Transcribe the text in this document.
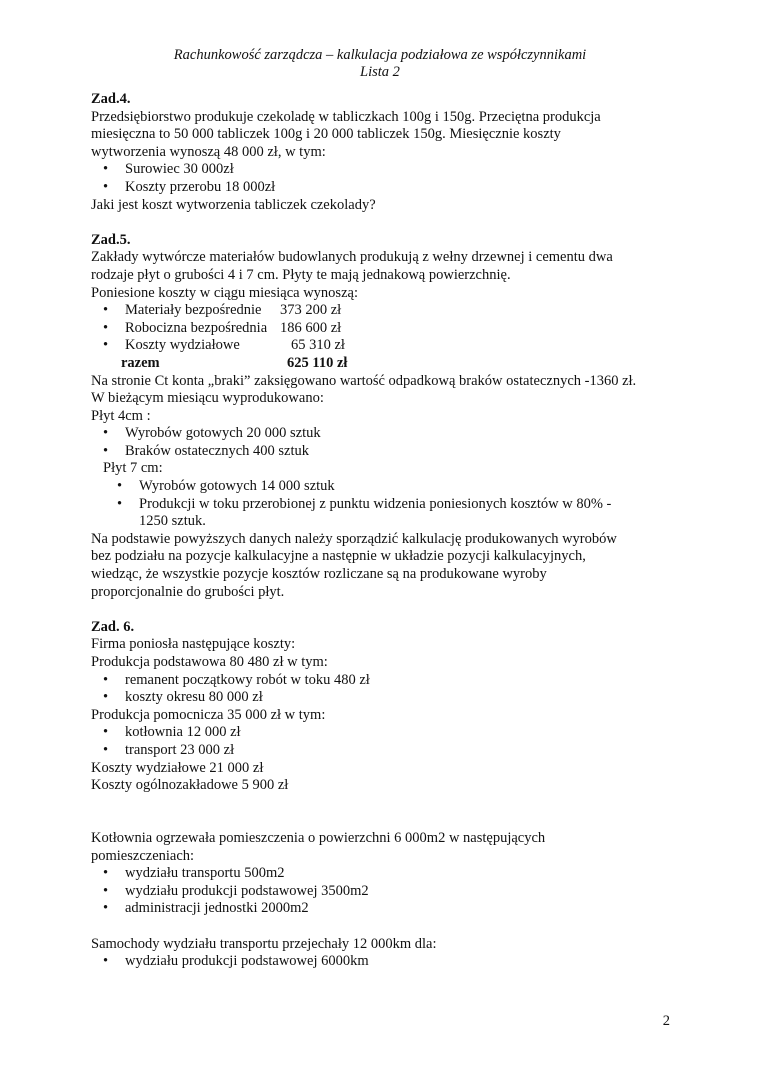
Rachunkowość zarządcza – kalkulacja podziałowa ze współczynnikami
Lista 2

Zad.4.

Przedsiębiorstwo produkuje czekoladę w tabliczkach 100g i 150g. Przeciętna produkcja

miesięczna to 50 000 tabliczek 100g i 20 000 tabliczek 150g. Miesięcznie koszty

wytworzenia wynoszą 48 000 zł, w tym:

• Surowiec 30 000zł
• Koszty przerobu 18 000zł

Jaki jest koszt wytworzenia tabliczek czekolady?

Zad.5.

Zakłady wytwórcze materiałów budowlanych produkują z wełny drzewnej i cementu dwa

rodzaje płyt o grubości 4 i 7 cm. Płyty te mają jednakową powierzchnię.

Poniesione koszty w ciągu miesiąca wynoszą:

• Materiały bezpośrednie 373 200 zł
• Robocizna bezpośrednia 186 600 zł
• Koszty wydziałowe	65 310 zł

razem	625 110 zł

Na stronie Ct konta „braki” zaksięgowano wartość odpadkową braków ostatecznych -1360 zł.

W bieżącym miesiącu wyprodukowano:

Płyt 4cm :

• Wyrobów gotowych 20 000 sztuk
• Braków ostatecznych 400 sztuk

Płyt 7 cm:

• Wyrobów gotowych 14 000 sztuk
• Produkcji w toku przerobionej z punktu widzenia poniesionych kosztów w 80% -
1250 sztuk.

Na podstawie powyższych danych należy sporządzić kalkulację produkowanych wyrobów

bez podziału na pozycje kalkulacyjne a następnie w układzie pozycji kalkulacyjnych,

wiedząc, że wszystkie pozycje kosztów rozliczane są na produkowane wyroby

proporcjonalnie do grubości płyt.

Zad. 6.

Firma poniosła następujące koszty:

Produkcja podstawowa 80 480 zł w tym:

• remanent początkowy robót w toku 480 zł
• koszty okresu 80 000 zł

Produkcja pomocnicza 35 000 zł w tym:

• kotłownia 12 000 zł
• transport 23 000 zł

Koszty wydziałowe 21 000 zł

Koszty ogólnozakładowe 5 900 zł

Kotłownia ogrzewała pomieszczenia o powierzchni 6 000m2 w następujących

pomieszczeniach:

• wydziału transportu 500m2
• wydziału produkcji podstawowej 3500m2
• administracji jednostki 2000m2

Samochody wydziału transportu przejechały 12 000km dla:

• wydziału produkcji podstawowej 6000km
2
